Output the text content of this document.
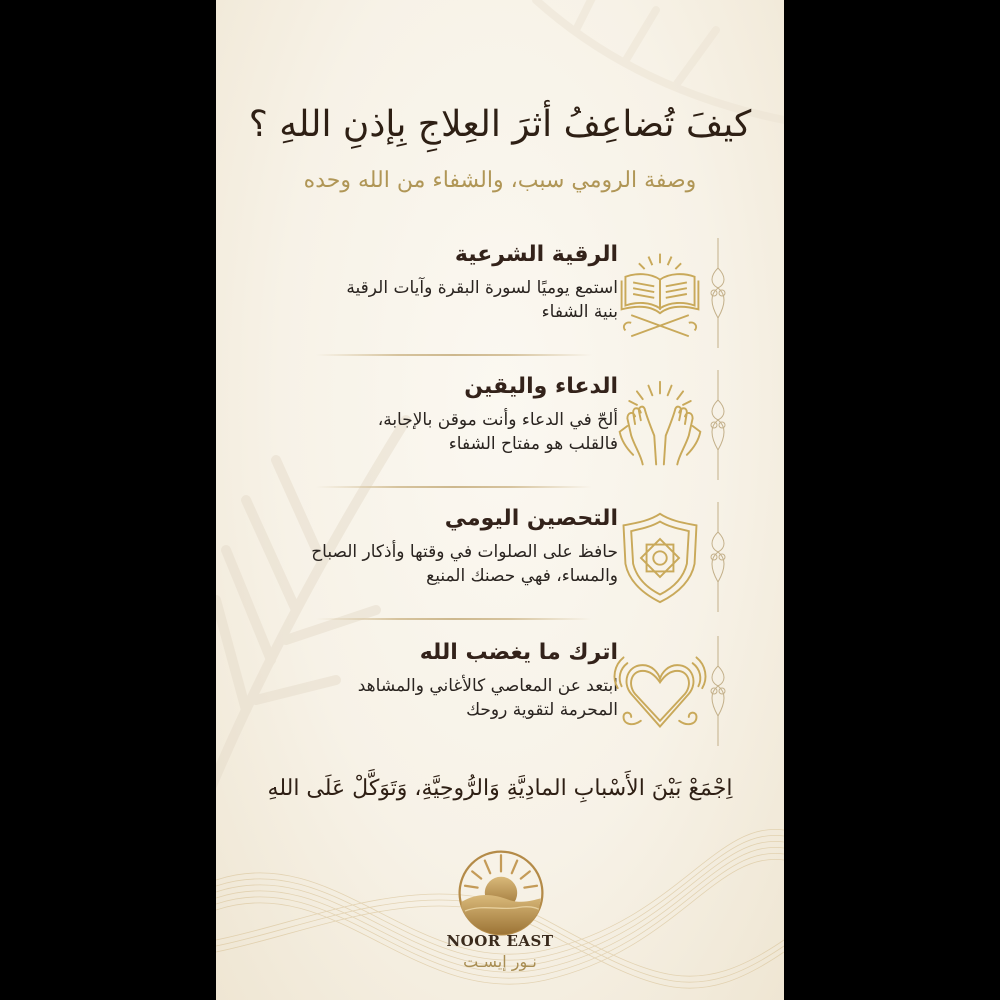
كيفَ تُضاعِفُ أثرَ العِلاجِ بِإذنِ اللهِ ؟
وصفة الرومي سبب، والشفاء من الله وحده
الرقية الشرعية

استمع يوميًا لسورة البقرة وآيات الرقية
بنية الشفاء

الدعاء واليقين

ألحّ في الدعاء وأنت موقن بالإجابة،
فالقلب هو مفتاح الشفاء

التحصين اليومي

حافظ على الصلوات في وقتها وأذكار الصباح
والمساء، فهي حصنك المنيع

اترك ما يغضب الله

ابتعد عن المعاصي كالأغاني والمشاهد
المحرمة لتقوية روحك

اِجْمَعْ بَيْنَ الأَسْبابِ المادِيَّةِ وَالرُّوحِيَّةِ، وَتَوَكَّلْ عَلَى اللهِ
NOOR EAST
نـور إيسـت
